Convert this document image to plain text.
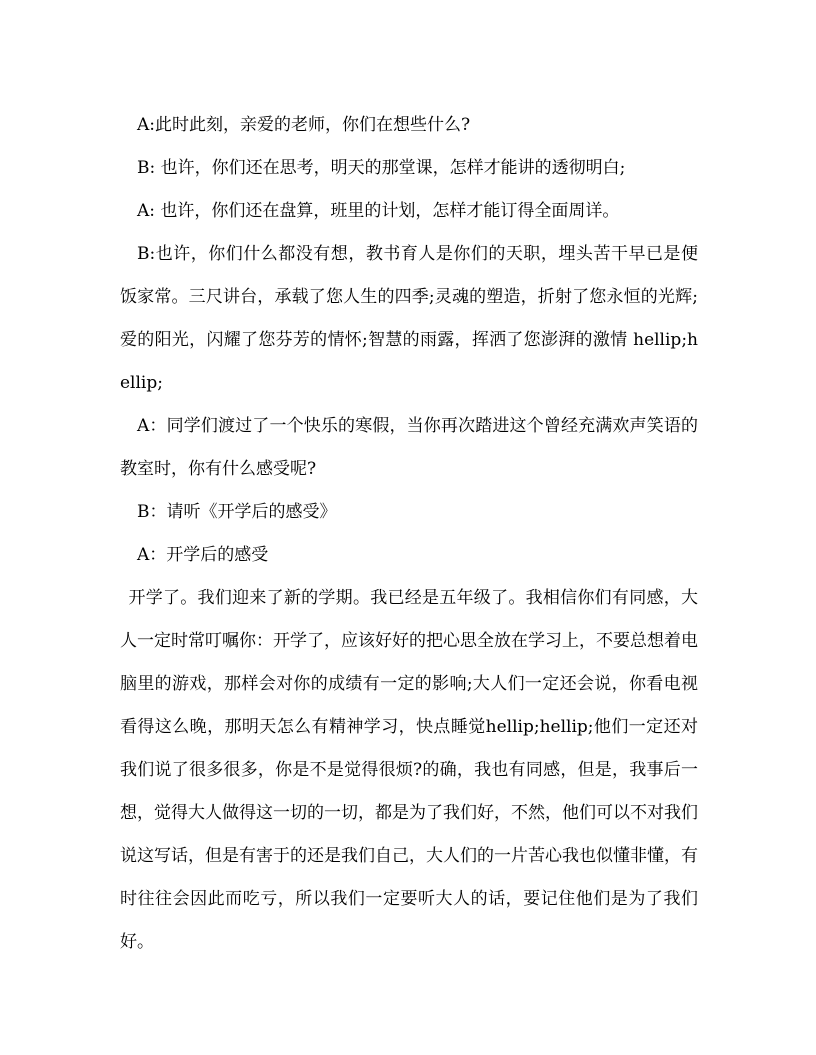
A:此时此刻，亲爱的老师，你们在想些什么?

B: 也许，你们还在思考，明天的那堂课，怎样才能讲的透彻明白;

A: 也许，你们还在盘算，班里的计划，怎样才能订得全面周详。

B:也许，你们什么都没有想，教书育人是你们的天职，埋头苦干早已是便饭家常。三尺讲台，承载了您人生的四季;灵魂的塑造，折射了您永恒的光辉;爱的阳光，闪耀了您芬芳的情怀;智慧的雨露，挥洒了您澎湃的激情 hellip;hellip;

A：同学们渡过了一个快乐的寒假，当你再次踏进这个曾经充满欢声笑语的教室时，你有什么感受呢?

B：请听《开学后的感受》

A：开学后的感受

开学了。我们迎来了新的学期。我已经是五年级了。我相信你们有同感，大人一定时常叮嘱你：开学了，应该好好的把心思全放在学习上，不要总想着电脑里的游戏，那样会对你的成绩有一定的影响;大人们一定还会说，你看电视看得这么晚，那明天怎么有精神学习，快点睡觉hellip;hellip;他们一定还对我们说了很多很多，你是不是觉得很烦?的确，我也有同感，但是，我事后一想，觉得大人做得这一切的一切，都是为了我们好，不然，他们可以不对我们说这写话，但是有害于的还是我们自己，大人们的一片苦心我也似懂非懂，有时往往会因此而吃亏，所以我们一定要听大人的话，要记住他们是为了我们好。
